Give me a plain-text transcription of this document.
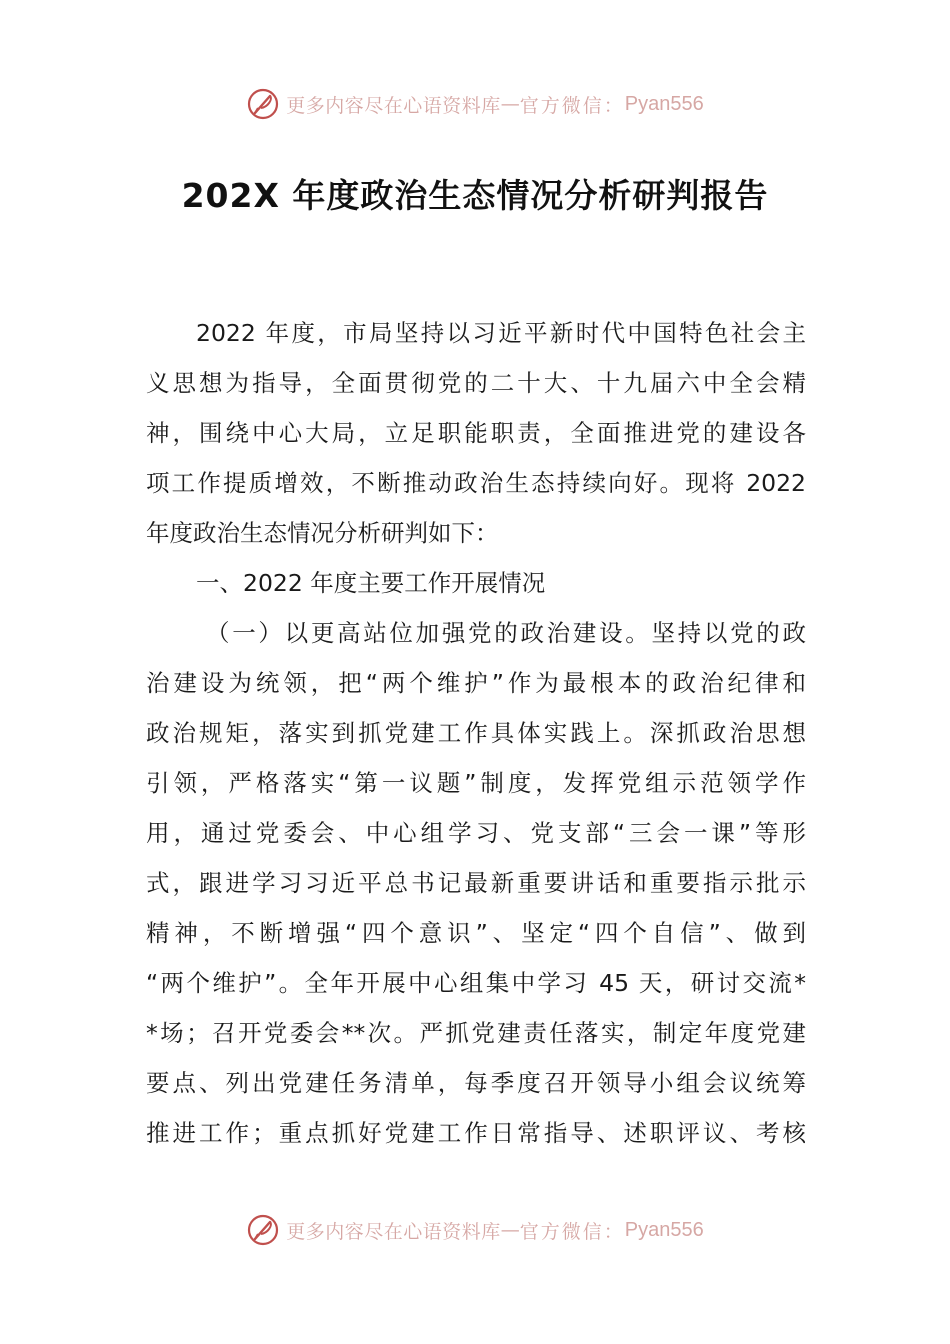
更多内容尽在心语资料库 — 官方微信： Pyan556
202X 年度政治生态情况分析研判报告
2022 年度，市局坚持以习近平新时代中国特色社会主
义思想为指导，全面贯彻党的二十大、十九届六中全会精
神，围绕中心大局，立足职能职责，全面推进党的建设各
项工作提质增效，不断推动政治生态持续向好。现将 2022
年度政治生态情况分析研判如下：
一、2022 年度主要工作开展情况
（一）以更高站位加强党的政治建设。坚持以党的政
治建设为统领，把“两个维护”作为最根本的政治纪律和
政治规矩，落实到抓党建工作具体实践上。深抓政治思想
引领，严格落实“第一议题”制度，发挥党组示范领学作
用，通过党委会、中心组学习、党支部“三会一课”等形
式，跟进学习习近平总书记最新重要讲话和重要指示批示
精神，不断增强“四个意识”、坚定“四个自信”、做到
“两个维护”。全年开展中心组集中学习 45 天，研讨交流*
*场；召开党委会**次。严抓党建责任落实，制定年度党建
要点、列出党建任务清单，每季度召开领导小组会议统筹
推进工作；重点抓好党建工作日常指导、述职评议、考核
更多内容尽在心语资料库 — 官方微信： Pyan556
